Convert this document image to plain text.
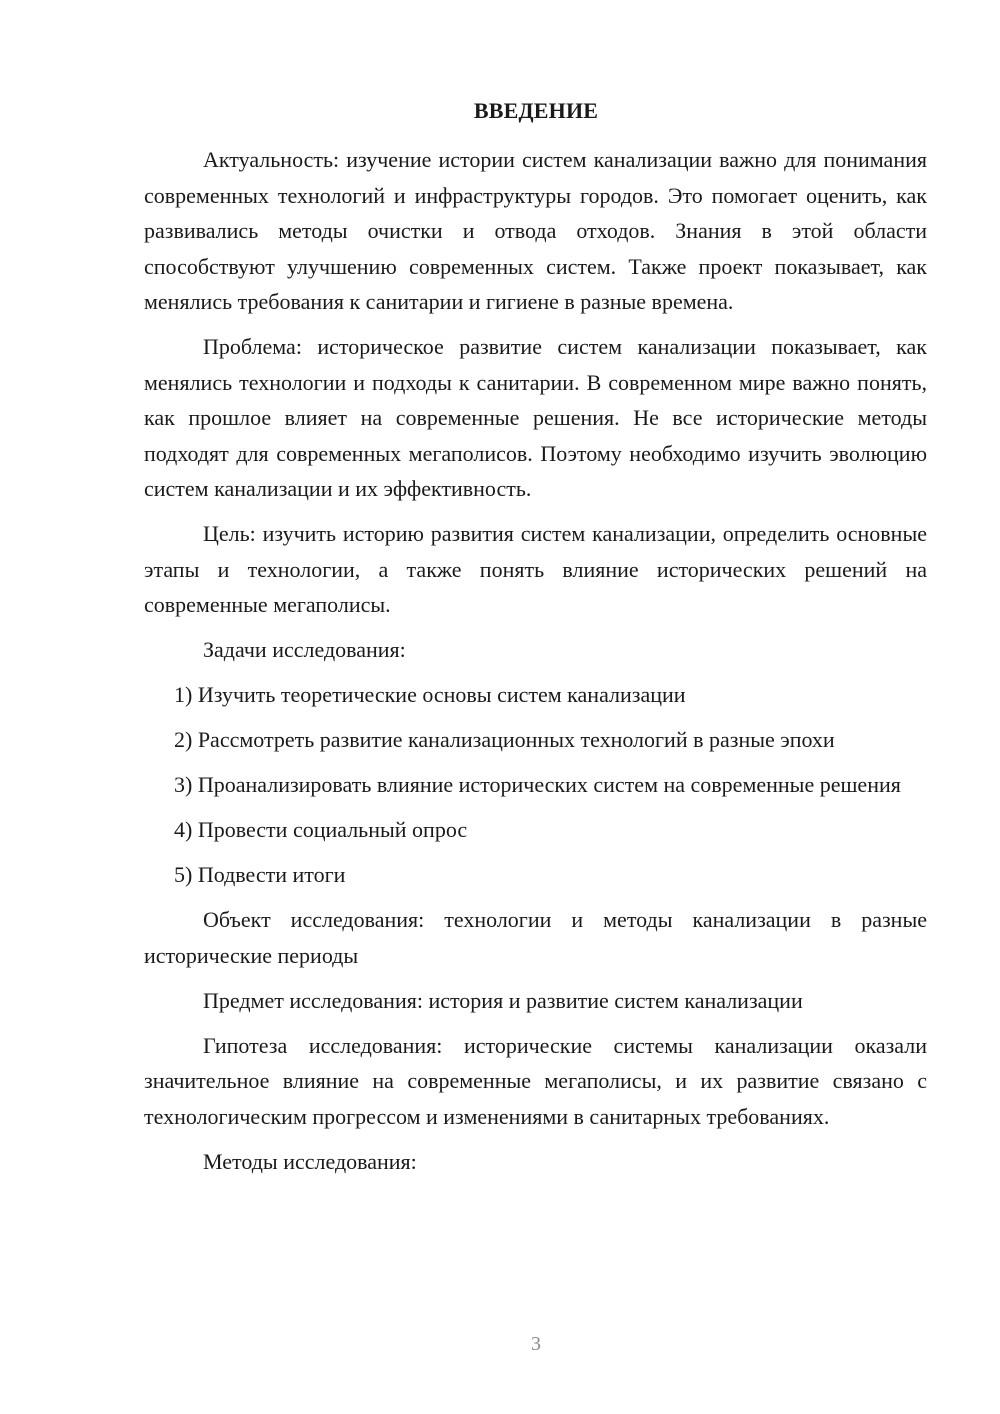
ВВЕДЕНИЕ

Актуальность: изучение истории систем канализации важно для понимания современных технологий и инфраструктуры городов. Это помогает оценить, как развивались методы очистки и отвода отходов. Знания в этой области способствуют улучшению современных систем. Также проект показывает, как менялись требования к санитарии и гигиене в разные времена.

Проблема: историческое развитие систем канализации показывает, как менялись технологии и подходы к санитарии. В современном мире важно понять, как прошлое влияет на современные решения. Не все исторические методы подходят для современных мегаполисов. Поэтому необходимо изучить эволюцию систем канализации и их эффективность.

Цель: изучить историю развития систем канализации, определить основные этапы и технологии, а также понять влияние исторических решений на современные мегаполисы.

Задачи исследования:

1) Изучить теоретические основы систем канализации

2) Рассмотреть развитие канализационных технологий в разные эпохи

3) Проанализировать влияние исторических систем на современные решения

4) Провести социальный опрос

5) Подвести итоги

Объект исследования: технологии и методы канализации в разные исторические периоды

Предмет исследования: история и развитие систем канализации

Гипотеза исследования: исторические системы канализации оказали значительное влияние на современные мегаполисы, и их развитие связано с технологическим прогрессом и изменениями в санитарных требованиях.

Методы исследования:

3
